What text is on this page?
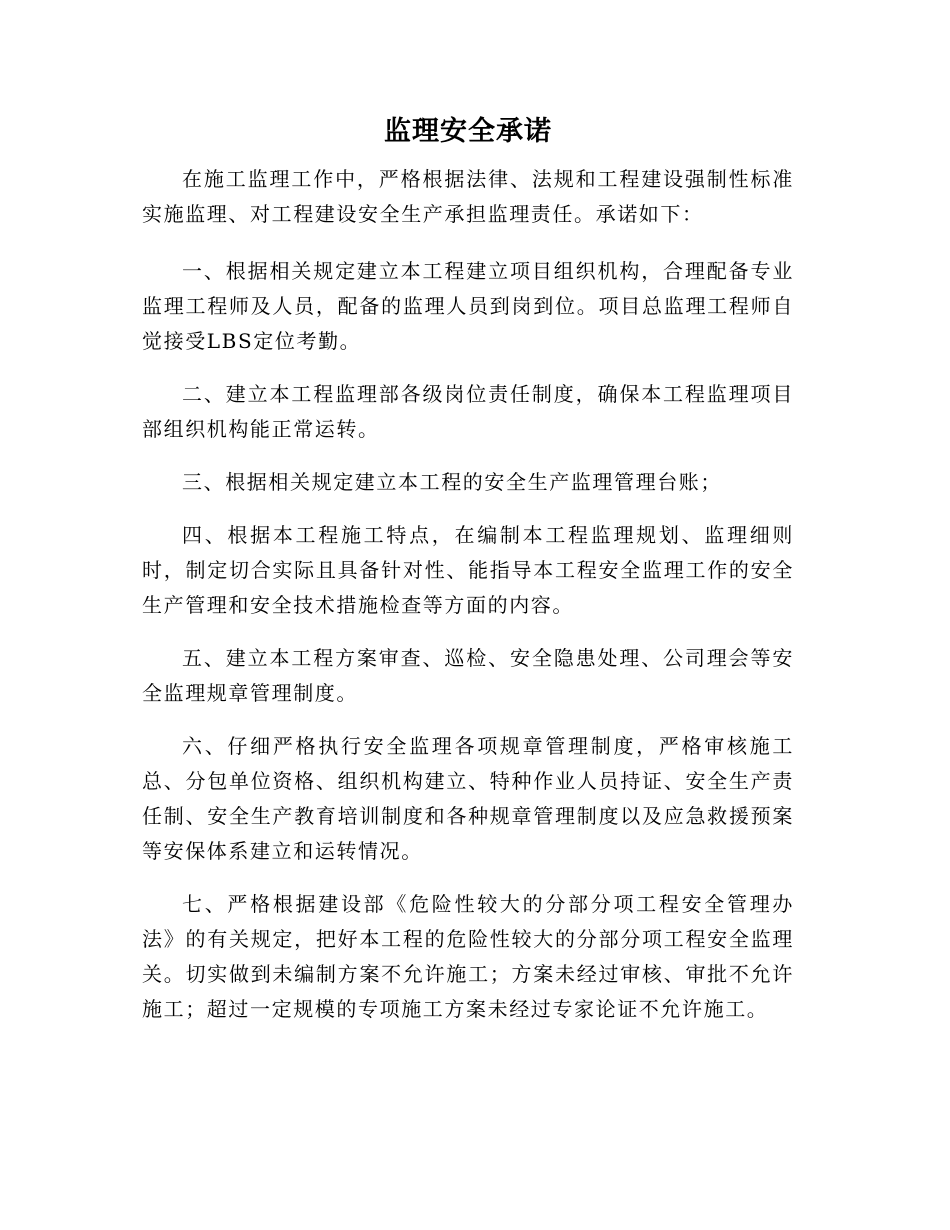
监理安全承诺

在施工监理工作中，严格根据法律、法规和工程建设强制性标准实施监理、对工程建设安全生产承担监理责任。承诺如下：

一、根据相关规定建立本工程建立项目组织机构，合理配备专业监理工程师及人员，配备的监理人员到岗到位。项目总监理工程师自觉接受LBS定位考勤。

二、建立本工程监理部各级岗位责任制度，确保本工程监理项目部组织机构能正常运转。

三、根据相关规定建立本工程的安全生产监理管理台账；

四、根据本工程施工特点，在编制本工程监理规划、监理细则时，制定切合实际且具备针对性、能指导本工程安全监理工作的安全生产管理和安全技术措施检查等方面的内容。

五、建立本工程方案审查、巡检、安全隐患处理、公司理会等安全监理规章管理制度。

六、仔细严格执行安全监理各项规章管理制度，严格审核施工总、分包单位资格、组织机构建立、特种作业人员持证、安全生产责任制、安全生产教育培训制度和各种规章管理制度以及应急救援预案等安保体系建立和运转情况。

七、严格根据建设部《危险性较大的分部分项工程安全管理办法》的有关规定，把好本工程的危险性较大的分部分项工程安全监理关。切实做到未编制方案不允许施工；方案未经过审核、审批不允许施工；超过一定规模的专项施工方案未经过专家论证不允许施工。
